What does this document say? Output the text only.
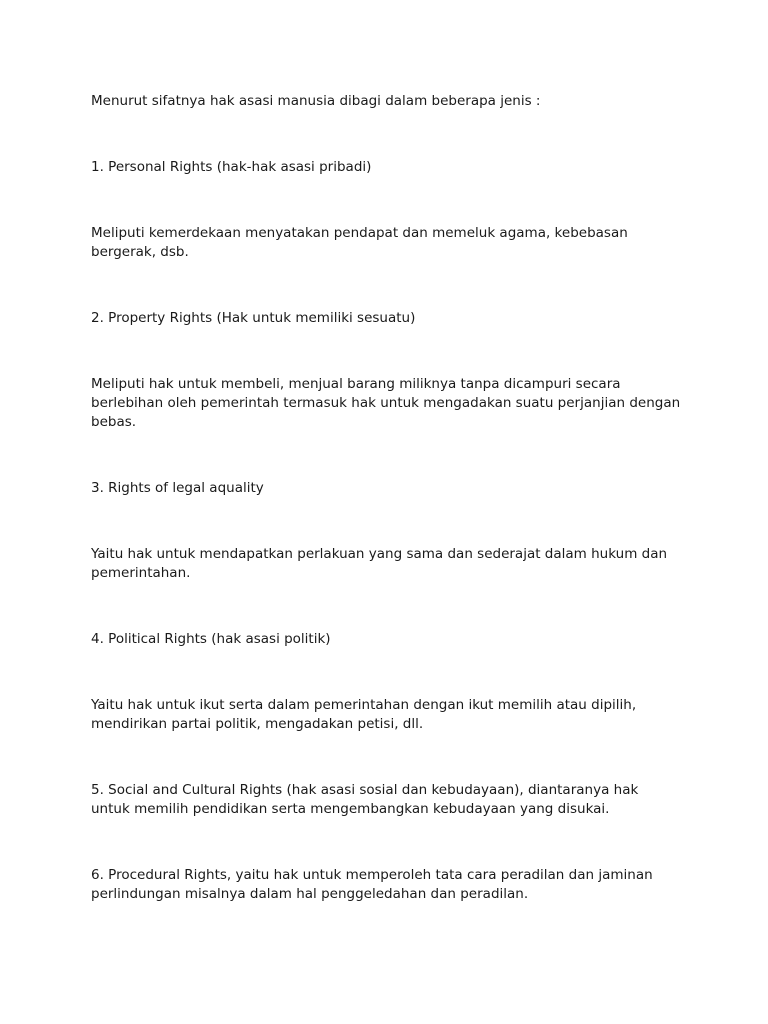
Menurut sifatnya hak asasi manusia dibagi dalam beberapa jenis :

1. Personal Rights (hak-hak asasi pribadi)

Meliputi kemerdekaan menyatakan pendapat dan memeluk agama, kebebasan bergerak, dsb.

2. Property Rights (Hak untuk memiliki sesuatu)

Meliputi hak untuk membeli, menjual barang miliknya tanpa dicampuri secara berlebihan oleh pemerintah termasuk hak untuk mengadakan suatu perjanjian dengan bebas.

3. Rights of legal aquality

Yaitu hak untuk mendapatkan perlakuan yang sama dan sederajat dalam hukum dan pemerintahan.

4. Political Rights (hak asasi politik)

Yaitu hak untuk ikut serta dalam pemerintahan dengan ikut memilih atau dipilih, mendirikan partai politik, mengadakan petisi, dll.

5. Social and Cultural Rights (hak asasi sosial dan kebudayaan), diantaranya hak untuk memilih pendidikan serta mengembangkan kebudayaan yang disukai.

6. Procedural Rights, yaitu hak untuk memperoleh tata cara peradilan dan jaminan perlindungan misalnya dalam hal penggeledahan dan peradilan.
